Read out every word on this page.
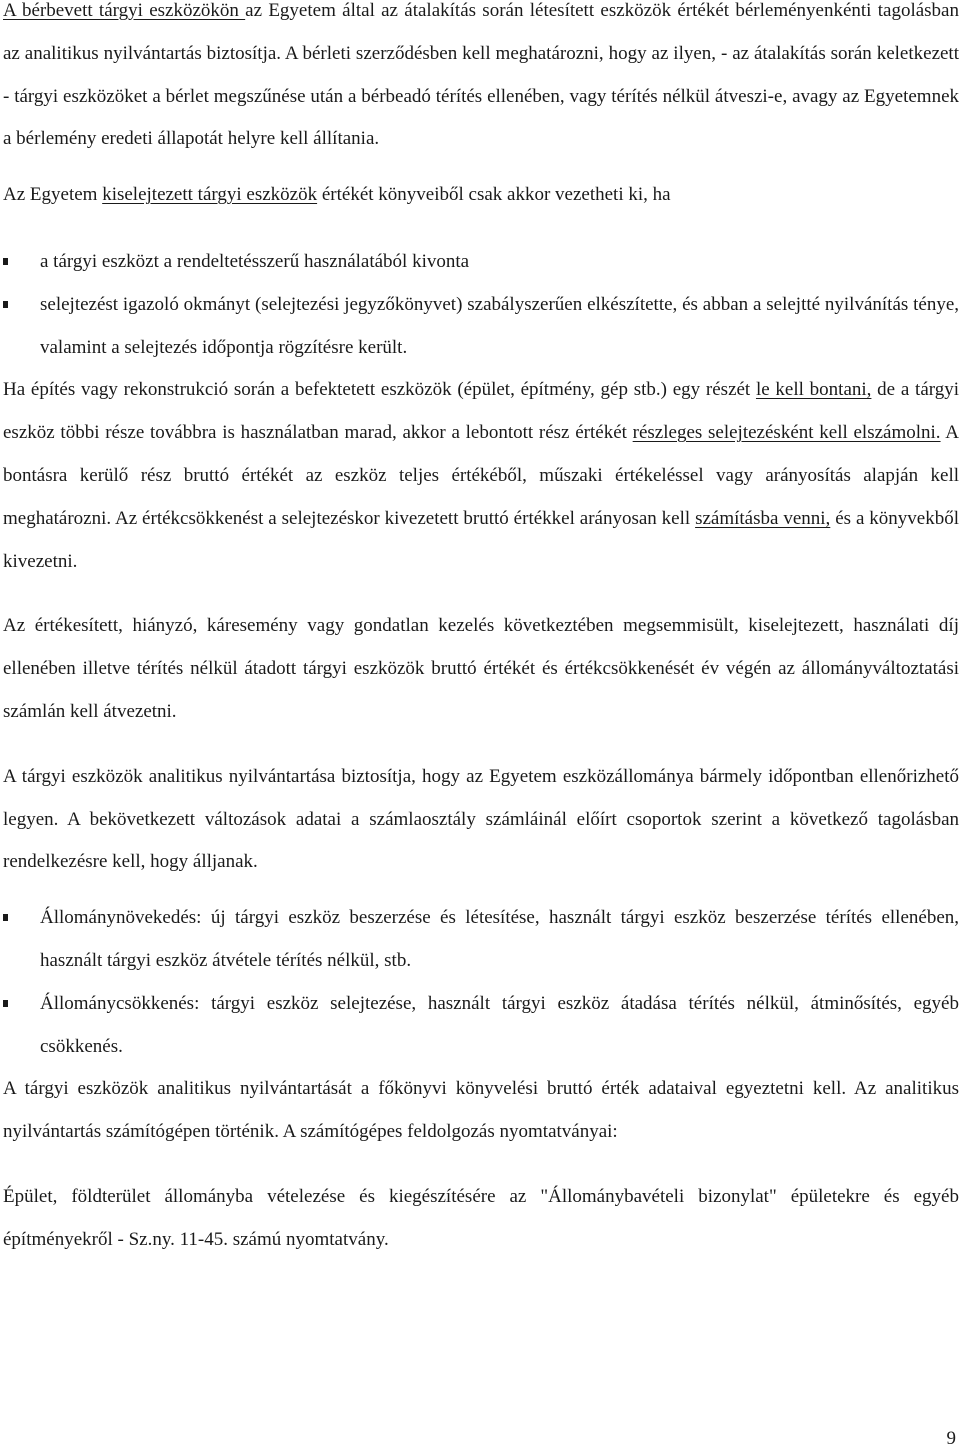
A bérbevett tárgyi eszközökön az Egyetem által az átalakítás során létesített eszközök értékét bérleményenkénti tagolásban az analitikus nyilvántartás biztosítja. A bérleti szerződésben kell meghatározni, hogy az ilyen, - az átalakítás során keletkezett - tárgyi eszközöket a bérlet megszűnése után a bérbeadó térítés ellenében, vagy térítés nélkül átveszi-e, avagy az Egyetemnek a bérlemény eredeti állapotát helyre kell állítania.

Az Egyetem kiselejtezett tárgyi eszközök értékét könyveiből csak akkor vezetheti ki, ha

a tárgyi eszközt a rendeltetésszerű használatából kivonta

selejtezést igazoló okmányt (selejtezési jegyzőkönyvet) szabályszerűen elkészítette, és abban a selejtté nyilvánítás ténye, valamint a selejtezés időpontja rögzítésre került.

Ha építés vagy rekonstrukció során a befektetett eszközök (épület, építmény, gép stb.) egy részét le kell bontani, de a tárgyi eszköz többi része továbbra is használatban marad, akkor a lebontott rész értékét részleges selejtezésként kell elszámolni. A bontásra kerülő rész bruttó értékét az eszköz teljes értékéből, műszaki értékeléssel vagy arányosítás alapján kell meghatározni. Az értékcsökkenést a selejtezéskor kivezetett bruttó értékkel arányosan kell számításba venni, és a könyvekből kivezetni.

Az értékesített, hiányzó, káresemény vagy gondatlan kezelés következtében megsemmisült, kiselejtezett, használati díj ellenében illetve térítés nélkül átadott tárgyi eszközök bruttó értékét és értékcsökkenését év végén az állományváltoztatási számlán kell átvezetni.

A tárgyi eszközök analitikus nyilvántartása biztosítja, hogy az Egyetem eszközállománya bármely időpontban ellenőrizhető legyen. A bekövetkezett változások adatai a számlaosztály számláinál előírt csoportok szerint a következő tagolásban rendelkezésre kell, hogy álljanak.

Állománynövekedés: új tárgyi eszköz beszerzése és létesítése, használt tárgyi eszköz beszerzése térítés ellenében, használt tárgyi eszköz átvétele térítés nélkül, stb.

Állománycsökkenés: tárgyi eszköz selejtezése, használt tárgyi eszköz átadása térítés nélkül, átminősítés, egyéb csökkenés.

A tárgyi eszközök analitikus nyilvántartását a főkönyvi könyvelési bruttó érték adataival egyeztetni kell. Az analitikus nyilvántartás számítógépen történik. A számítógépes feldolgozás nyomtatványai:

Épület, földterület állományba vételezése és kiegészítésére az "Állománybavételi bizonylat" épületekre és egyéb építményekről - Sz.ny. 11-45. számú nyomtatvány.

9
